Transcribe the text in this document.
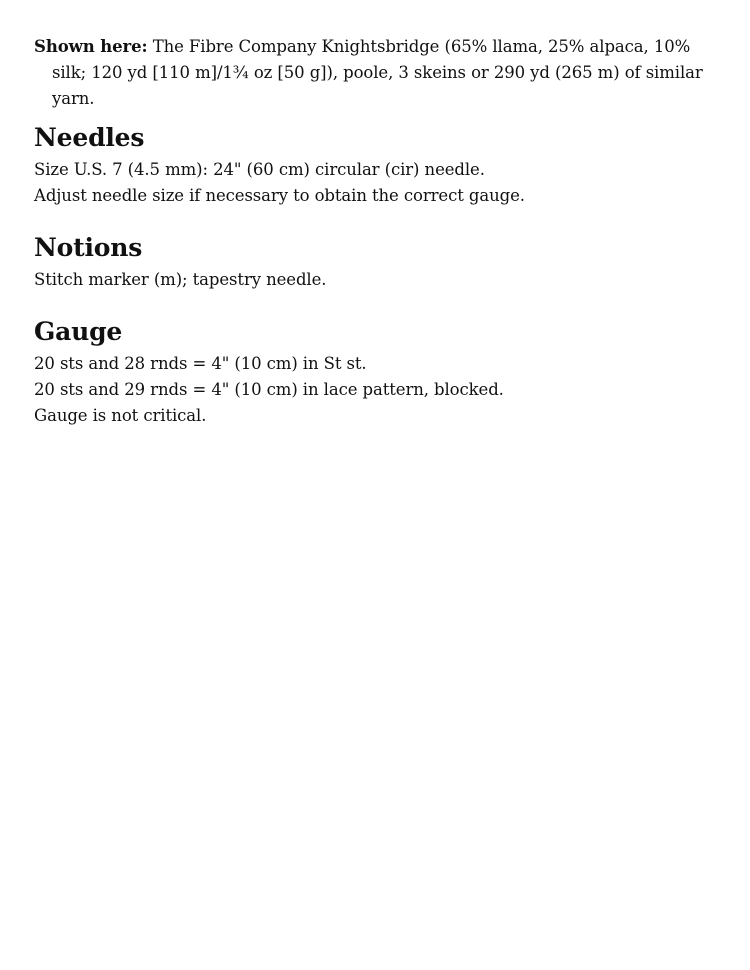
Shown here: The Fibre Company Knightsbridge (65% llama, 25% alpaca, 10% silk; 120 yd [110 m]/1¾ oz [50 g]), poole, 3 skeins or 290 yd (265 m) of similar yarn.

Needles

Size U.S. 7 (4.5 mm): 24" (60 cm) circular (cir) needle.

Adjust needle size if necessary to obtain the correct gauge.

Notions

Stitch marker (m); tapestry needle.

Gauge

20 sts and 28 rnds = 4" (10 cm) in St st.

20 sts and 29 rnds = 4" (10 cm) in lace pattern, blocked.

Gauge is not critical.
